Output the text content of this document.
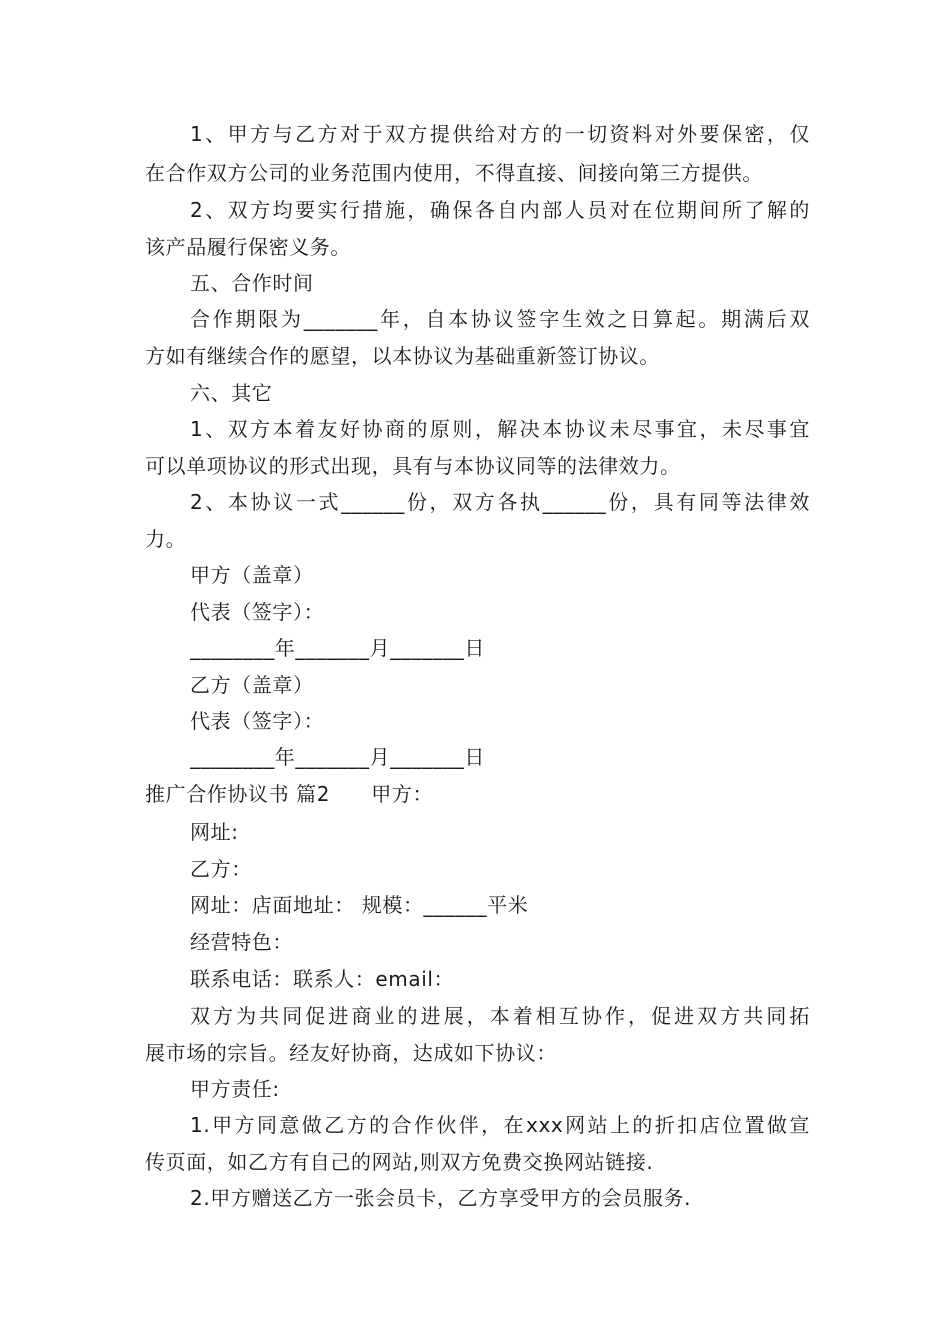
1、甲方与乙方对于双方提供给对方的一切资料对外要保密，仅
在合作双方公司的业务范围内使用，不得直接、间接向第三方提供。
2、双方均要实行措施，确保各自内部人员对在位期间所了解的
该产品履行保密义务。
五、合作时间
合作期限为_______年，自本协议签字生效之日算起。期满后双
方如有继续合作的愿望，以本协议为基础重新签订协议。
六、其它
1、双方本着友好协商的原则，解决本协议未尽事宜，未尽事宜
可以单项协议的形式出现，具有与本协议同等的法律效力。
2、本协议一式______份，双方各执______份，具有同等法律效
力。
甲方（盖章）
代表（签字）：
________年_______月_______日
乙方（盖章）
代表（签字）：
________年_______月_______日
推广合作协议书 篇2　　甲方：
网址:
乙方：
网址：店面地址： 规模：______平米
经营特色：
联系电话：联系人：email：
双方为共同促进商业的进展，本着相互协作，促进双方共同拓
展市场的宗旨。经友好协商，达成如下协议：
甲方责任:
1.甲方同意做乙方的合作伙伴，在xxx网站上的折扣店位置做宣
传页面，如乙方有自己的网站,则双方免费交换网站链接.
2.甲方赠送乙方一张会员卡，乙方享受甲方的会员服务.
